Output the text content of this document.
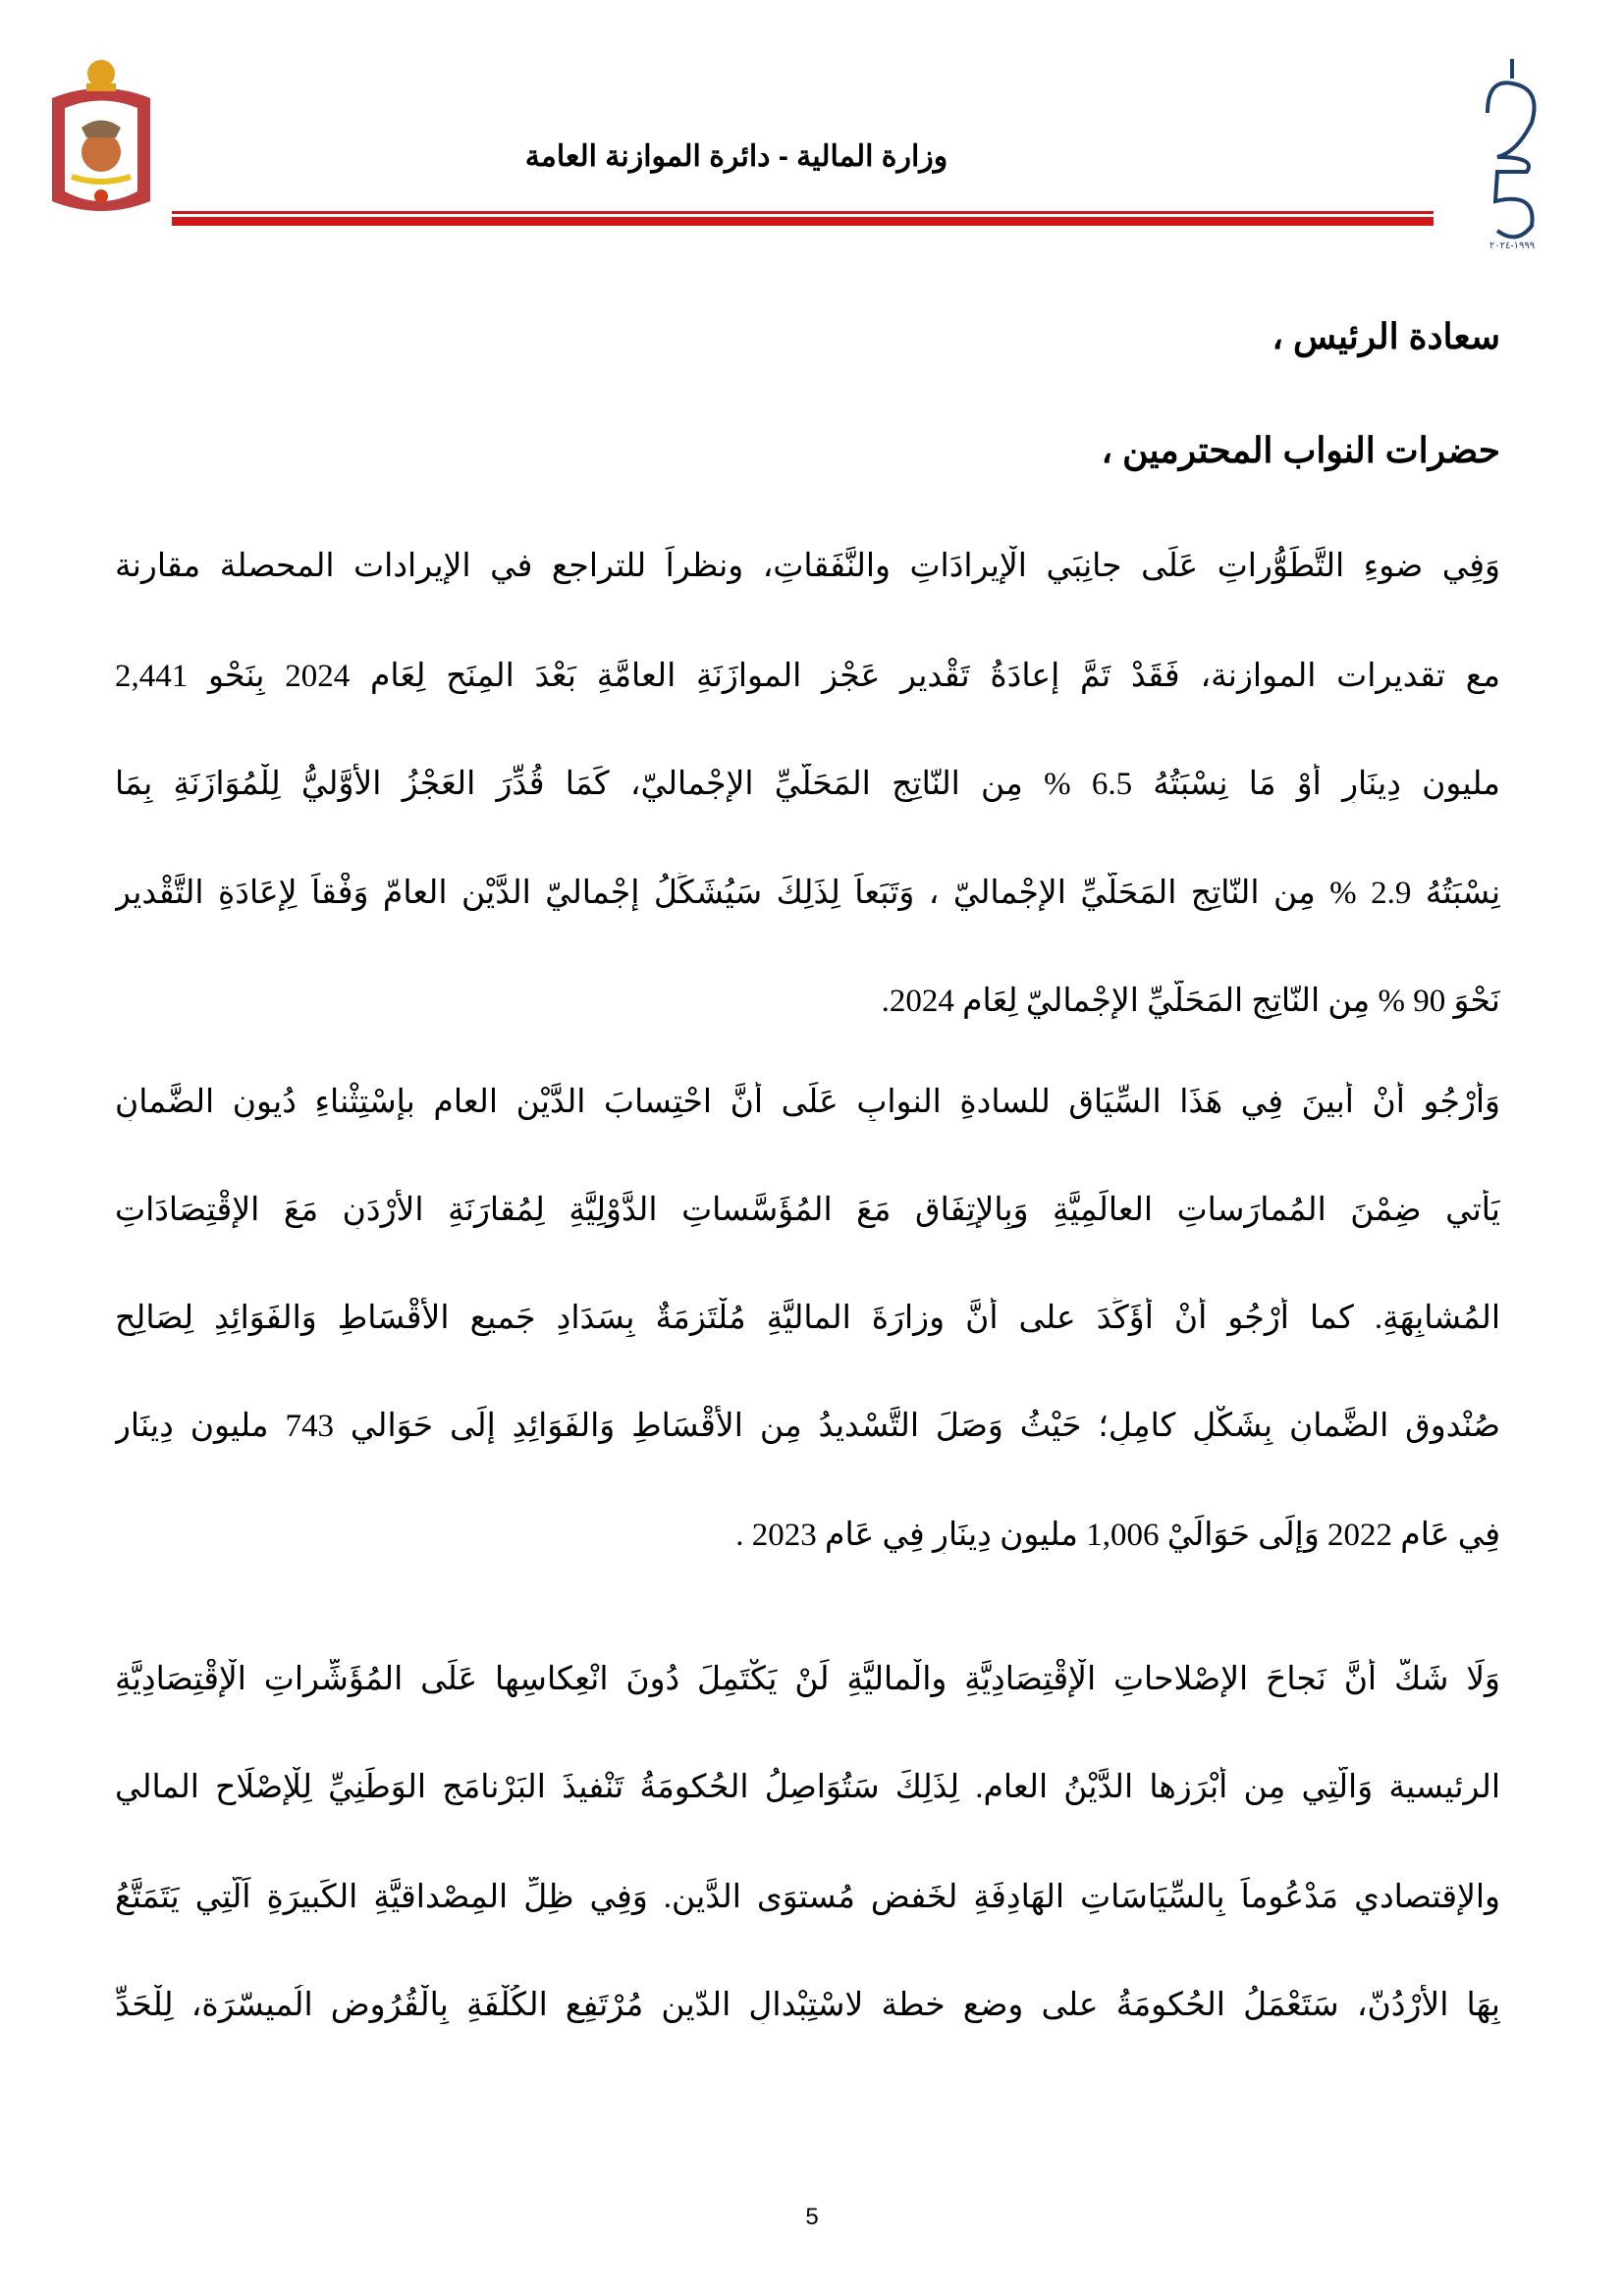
١٩٩٩-٢٠٢٤
وزارة المالية - دائرة الموازنة العامة
سعادة الرئيس ،
حضرات النواب المحترمين ،
وَفِي ضوءِ التَّطَوُّراتِ عَلَى جانِبَي الْإيرادَاتِ والنَّفَقاتِ، ونظراً للتراجع في الإيرادات المحصلة مقارنة
مع تقديرات الموازنة، فَقَدْ تَمَّ إعادَةُ تَقْديرِ عَجْزِ الموازَنَةِ العامَّةِ بَعْدَ المِنَحِ لِعَامِ 2024 بِنَحْوِ 2,441
مليون دِينَارٍ أَوْ مَا نِسْبَتُهُ 6.5 % مِن النّاتِجِ المَحَلّيِّ الإجْماليّ، كَمَا قُدِّرَ العَجْزُ الأَوَّليُّ لِلْمُوَازَنَةِ بِمَا
نِسْبَتُهُ 2.9 % مِن النّاتِجِ المَحَلّيِّ الإجْماليّ ، وَتَبَعاً لِذَلِكَ سَيُشَكِّلُ إجْماليّ الدَّيْنِ العامّ وَفْقاً لِإعَادَةِ التَّقْدير
نَحْوَ 90 % مِن النّاتِجِ المَحَلّيِّ الإجْماليّ لِعَامِ 2024.
وَأَرْجُو أَنْ أبينَ فِي هَذَا السِّيَاقِ للسادةِ النوابِ عَلَى أَنَّ احْتِسابَ الدَّيْنِ العام بإسْتِثْناءِ دُيونِ الضَّمانِ
يَأْتي ضِمْنَ المُمارَساتِ العالَمِيَّةِ وَبِالإتِفَاقِ مَعَ المُؤَسَّساتِ الدَّوْلِيَّةِ لِمُقارَنَةِ الأرْدَنِ مَعَ الإقْتِصَادَاتِ
المُشابِهَةِ. كما أَرْجُو أَنْ أُؤَكِّدَ على أَنَّ وزارَةَ الماليَّةِ مُلْتَزِمَةٌ بِسَدَادِ جَميعِ الأَقْسَاطِ وَالفَوَائِدِ لِصَالِحِ
صُنْدوقِ الضَّمانِ بِشَكْلٍ كامِلٍ؛ حَيْثُ وَصَلَ التَّسْديدُ مِن الأَقْسَاطِ وَالفَوَائِدِ إِلَى حَوَالي 743 مليون دِينَار
فِي عَامِ 2022 وَإِلَى حَوَالَيْ 1,006 مليون دِينَارٍ فِي عَامِ 2023 .
وَلَا شَكَّ أَنَّ نَجاحَ الإصْلاحاتِ الْإقْتِصَادِيَّةِ والْماليَّةِ لَنْ يَكْتَمِلَ دُونَ انْعِكاسِها عَلَى المُؤَشِّراتِ الْإقْتِصَادِيَّةِ
الرئيسية وَالَّتِي مِن أَبْرَزِها الدَّيْنُ العام. لِذَلِكَ سَتُوَاصِلُ الحُكومَةُ تَنْفيذَ البَرْنامَجِ الوَطَنِيِّ لِلْإصْلَاحِ المالي
والإقتصادي مَدْعُوماً بِالسِّيَاسَاتِ الهَادِفَةِ لخَفضِ مُستوَى الدَّين. وَفِي ظِلِّ المِصْداقيَّةِ الكَبيرَةِ اَلَّتِي يَتَمَتَّعُ
بِهَا الأُرْدُنّ، سَتَعْمَلُ الحُكومَةُ على وضع خطة لاسْتِبْدالِ الدّينِ مُرْتَفِعِ الكُلْفَةِ بِالْقُرُوضِ الُميسّرَة، لِلْحَدِّ
5
